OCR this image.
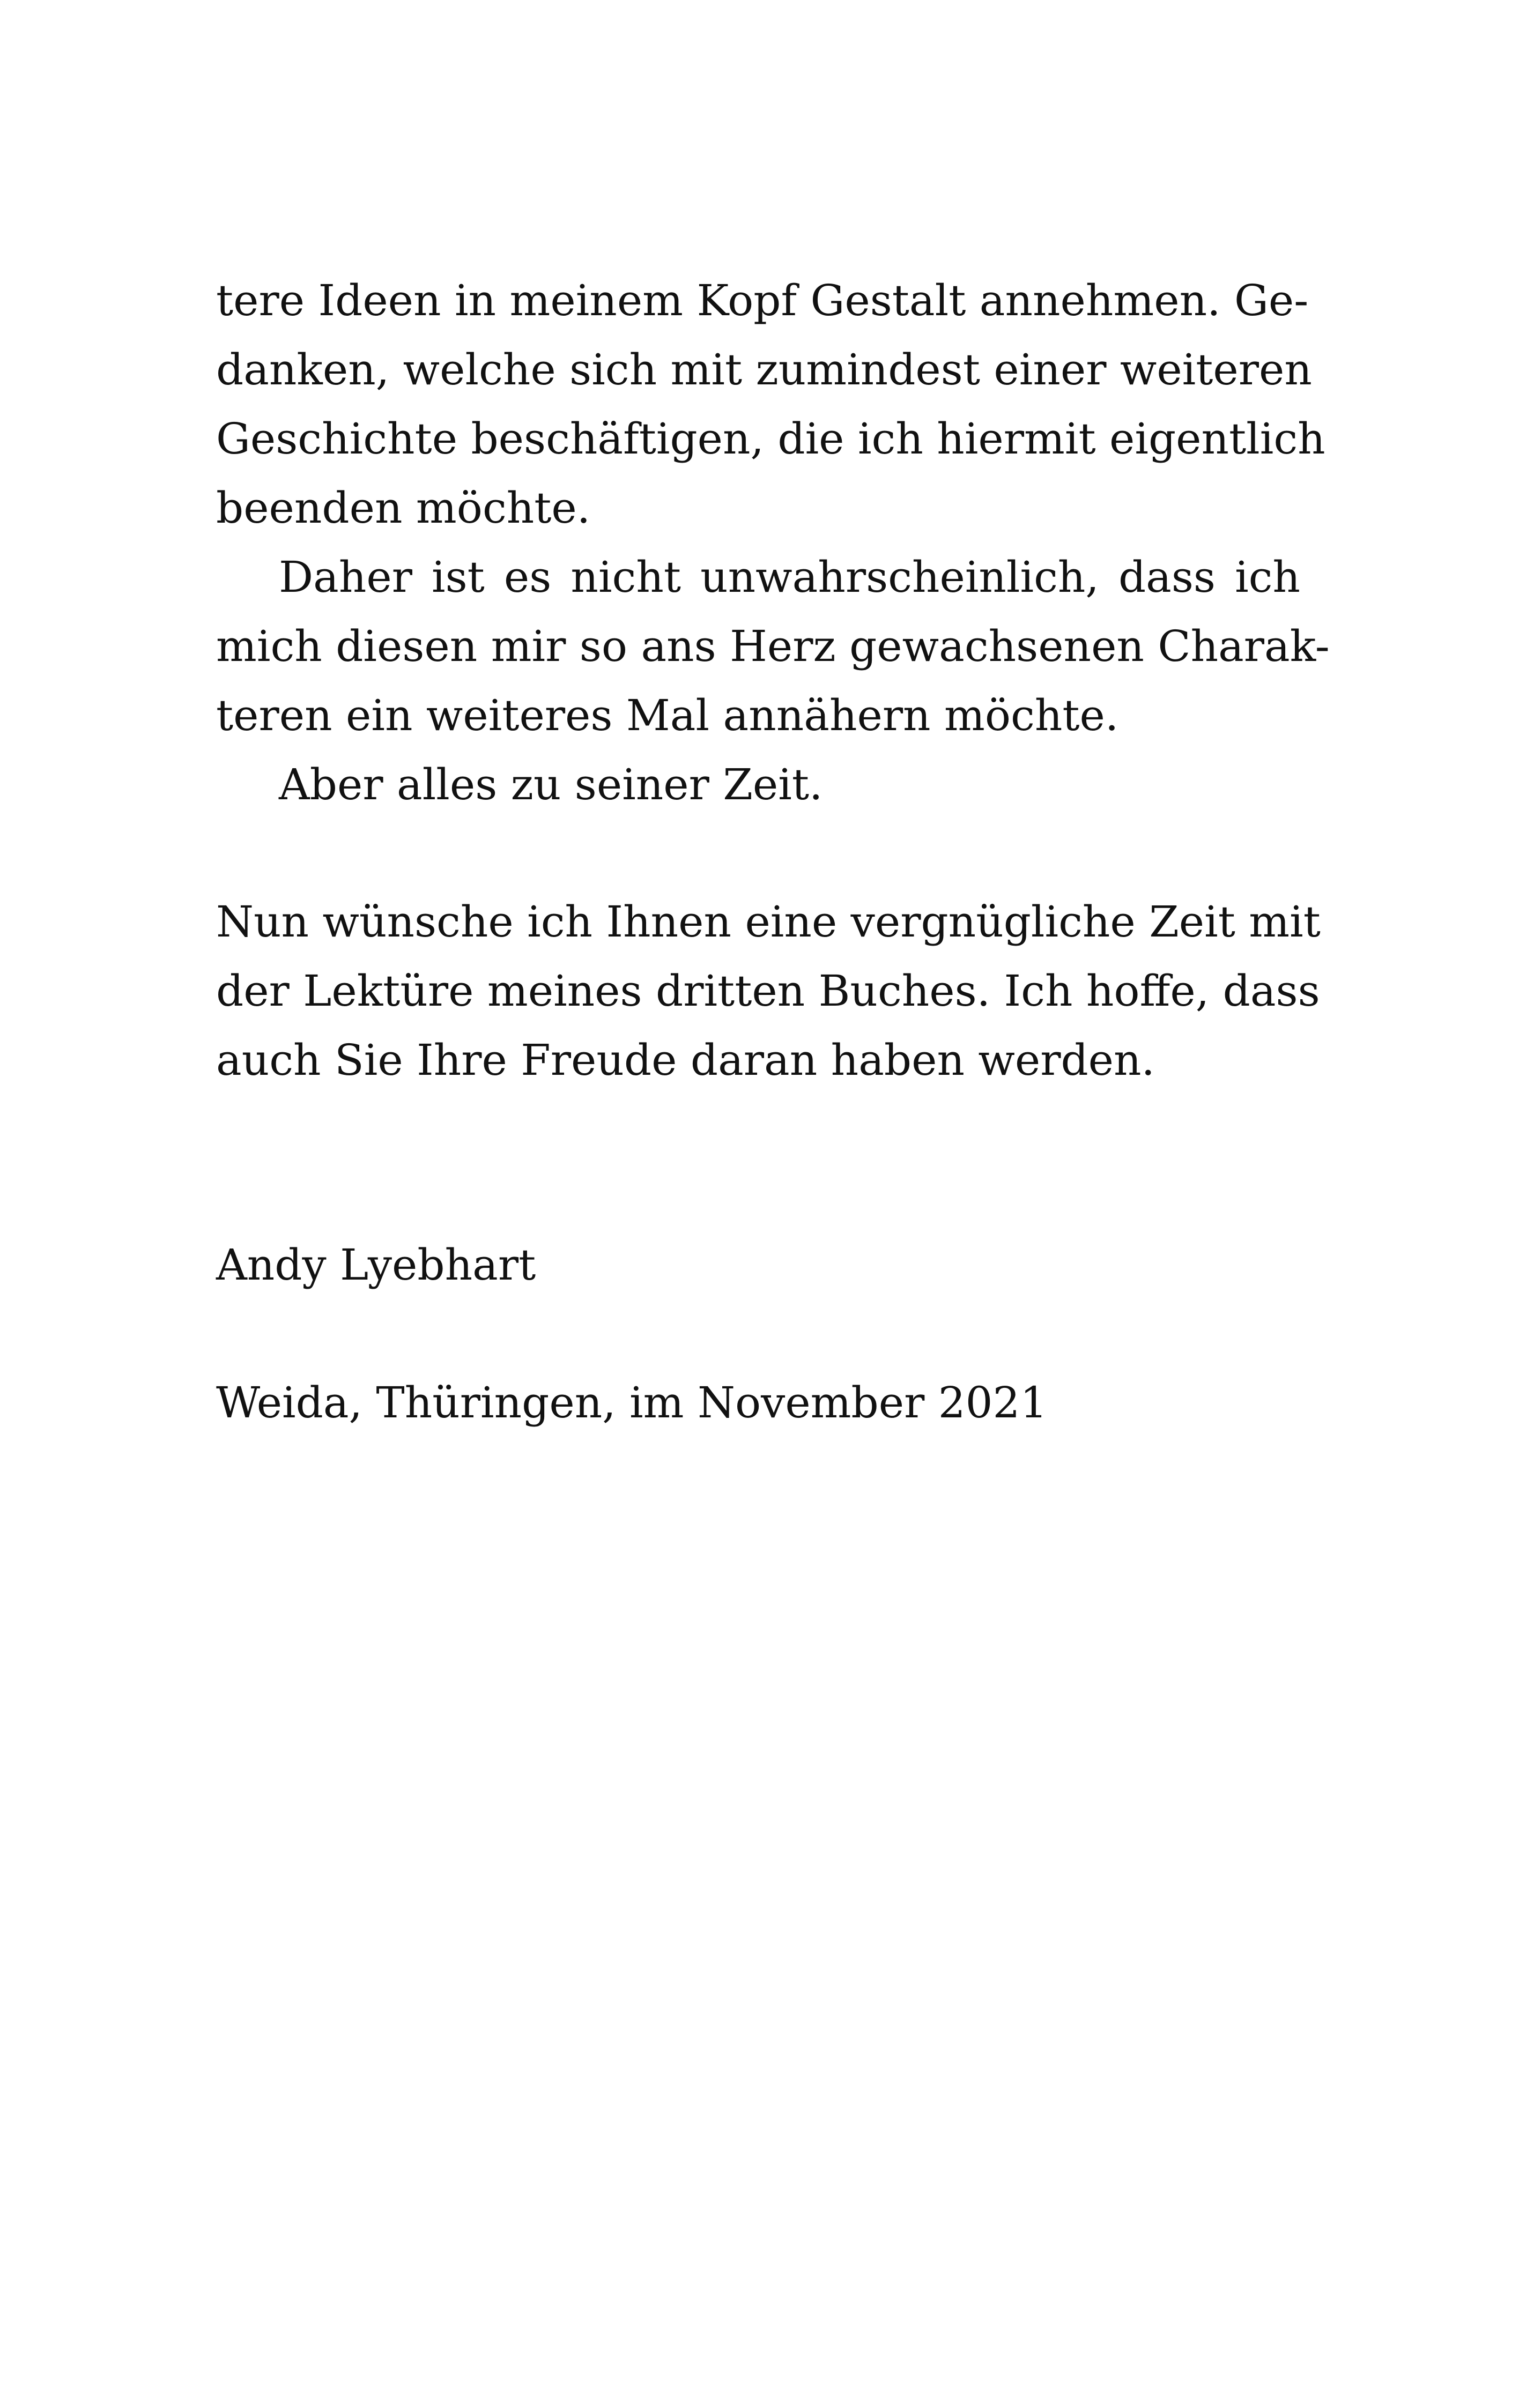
tere Ideen in meinem Kopf Gestalt annehmen. Ge-
danken, welche sich mit zumindest einer weiteren
Geschichte beschäftigen, die ich hiermit eigentlich
beenden möchte.
Daher ist es nicht unwahrscheinlich, dass ich
mich diesen mir so ans Herz gewachsenen Charak-
teren ein weiteres Mal annähern möchte.
Aber alles zu seiner Zeit.
Nun wünsche ich Ihnen eine vergnügliche Zeit mit
der Lektüre meines dritten Buches. Ich hoffe, dass
auch Sie Ihre Freude daran haben werden.
Andy Lyebhart
Weida, Thüringen, im November 2021
